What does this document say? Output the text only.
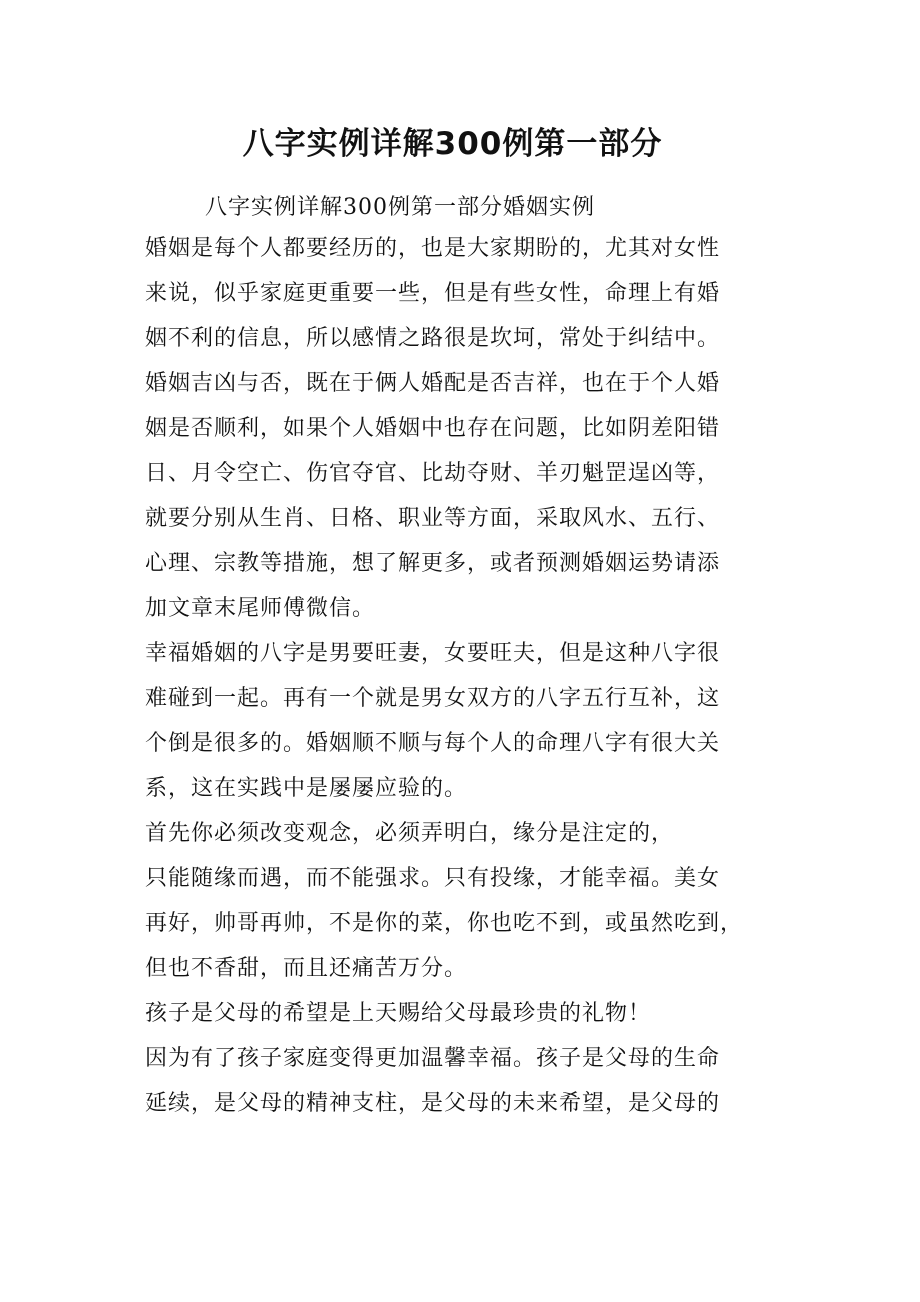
八字实例详解300例第一部分
八字实例详解300例第一部分婚姻实例

婚姻是每个人都要经历的，也是大家期盼的，尤其对女性
来说，似乎家庭更重要一些，但是有些女性，命理上有婚
姻不利的信息，所以感情之路很是坎坷，常处于纠结中。
婚姻吉凶与否，既在于俩人婚配是否吉祥，也在于个人婚
姻是否顺利，如果个人婚姻中也存在问题，比如阴差阳错
日、月令空亡、伤官夺官、比劫夺财、羊刃魁罡逞凶等，
就要分别从生肖、日格、职业等方面，采取风水、五行、
心理、宗教等措施，想了解更多，或者预测婚姻运势请添
加文章末尾师傅微信。

幸福婚姻的八字是男要旺妻，女要旺夫，但是这种八字很
难碰到一起。再有一个就是男女双方的八字五行互补，这
个倒是很多的。婚姻顺不顺与每个人的命理八字有很大关
系，这在实践中是屡屡应验的。

首先你必须改变观念，必须弄明白，缘分是注定的，

只能随缘而遇，而不能强求。只有投缘，才能幸福。美女
再好，帅哥再帅，不是你的菜，你也吃不到，或虽然吃到，
但也不香甜，而且还痛苦万分。

孩子是父母的希望是上天赐给父母最珍贵的礼物！

因为有了孩子家庭变得更加温馨幸福。孩子是父母的生命
延续，是父母的精神支柱，是父母的未来希望，是父母的
